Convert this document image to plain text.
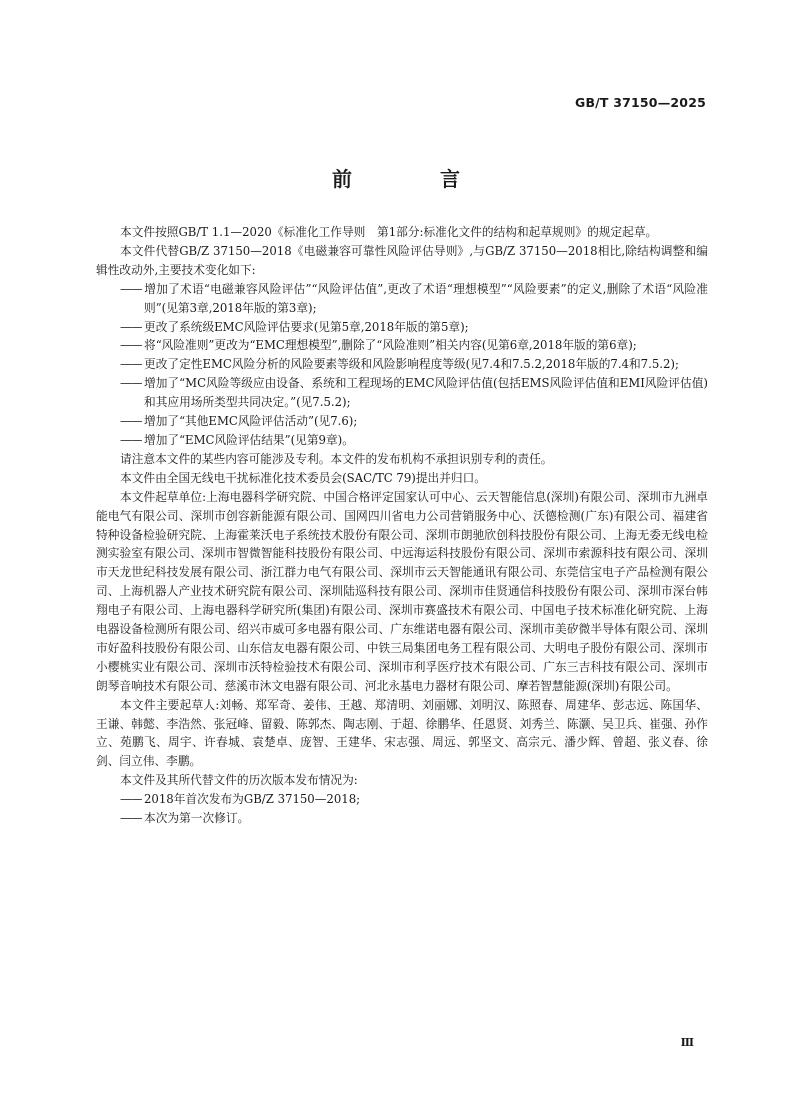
GB/T 37150—2025
前　言

本文件按照GB/T 1.1—2020《标准化工作导则　第1部分:标准化文件的结构和起草规则》的规定起草。

本文件代替GB/Z 37150—2018《电磁兼容可靠性风险评估导则》,与GB/Z 37150—2018相比,除结构调整和编辑性改动外,主要技术变化如下:

——增加了术语“电磁兼容风险评估”“风险评估值”,更改了术语“理想模型”“风险要素”的定义,删除了术语“风险准则”(见第3章,2018年版的第3章);

——更改了系统级EMC风险评估要求(见第5章,2018年版的第5章);

——将“风险准则”更改为“EMC理想模型”,删除了“风险准则”相关内容(见第6章,2018年版的第6章);

——更改了定性EMC风险分析的风险要素等级和风险影响程度等级(见7.4和7.5.2,2018年版的7.4和7.5.2);

——增加了“MC风险等级应由设备、系统和工程现场的EMC风险评估值(包括EMS风险评估值和EMI风险评估值)和其应用场所类型共同决定。”(见7.5.2);

——增加了“其他EMC风险评估活动”(见7.6);

——增加了“EMC风险评估结果”(见第9章)。

请注意本文件的某些内容可能涉及专利。本文件的发布机构不承担识别专利的责任。

本文件由全国无线电干扰标准化技术委员会(SAC/TC 79)提出并归口。

本文件起草单位:上海电器科学研究院、中国合格评定国家认可中心、云天智能信息(深圳)有限公司、深圳市九洲卓能电气有限公司、深圳市创容新能源有限公司、国网四川省电力公司营销服务中心、沃德检测(广东)有限公司、福建省特种设备检验研究院、上海霍莱沃电子系统技术股份有限公司、深圳市朗驰欣创科技股份有限公司、上海无委无线电检测实验室有限公司、深圳市智微智能科技股份有限公司、中远海运科技股份有限公司、深圳市索源科技有限公司、深圳市天龙世纪科技发展有限公司、浙江群力电气有限公司、深圳市云天智能通讯有限公司、东莞信宝电子产品检测有限公司、上海机器人产业技术研究院有限公司、深圳陆巡科技有限公司、深圳市佳贤通信科技股份有限公司、深圳市深台帏翔电子有限公司、上海电器科学研究所(集团)有限公司、深圳市赛盛技术有限公司、中国电子技术标准化研究院、上海电器设备检测所有限公司、绍兴市威可多电器有限公司、广东维诺电器有限公司、深圳市美矽微半导体有限公司、深圳市好盈科技股份有限公司、山东信友电器有限公司、中铁三局集团电务工程有限公司、大明电子股份有限公司、深圳市小樱桃实业有限公司、深圳市沃特检验技术有限公司、深圳市利孚医疗技术有限公司、广东三吉科技有限公司、深圳市朗琴音响技术有限公司、慈溪市沐文电器有限公司、河北永基电力器材有限公司、摩若智慧能源(深圳)有限公司。

本文件主要起草人:刘畅、郑军奇、姜伟、王越、郑清明、刘丽娜、刘明汉、陈照春、周建华、彭志远、陈国华、王谦、韩懿、李浩然、张冠峰、留毅、陈郭杰、陶志刚、于超、徐鹏华、任恩贤、刘秀兰、陈灏、吴卫兵、崔强、孙作立、苑鹏飞、周宇、许春城、袁楚卓、庞智、王建华、宋志强、周远、郭坚文、高宗元、潘少辉、曾超、张义春、徐剑、闫立伟、李鹏。

本文件及其所代替文件的历次版本发布情况为:

——2018年首次发布为GB/Z 37150—2018;

——本次为第一次修订。

Ⅲ
